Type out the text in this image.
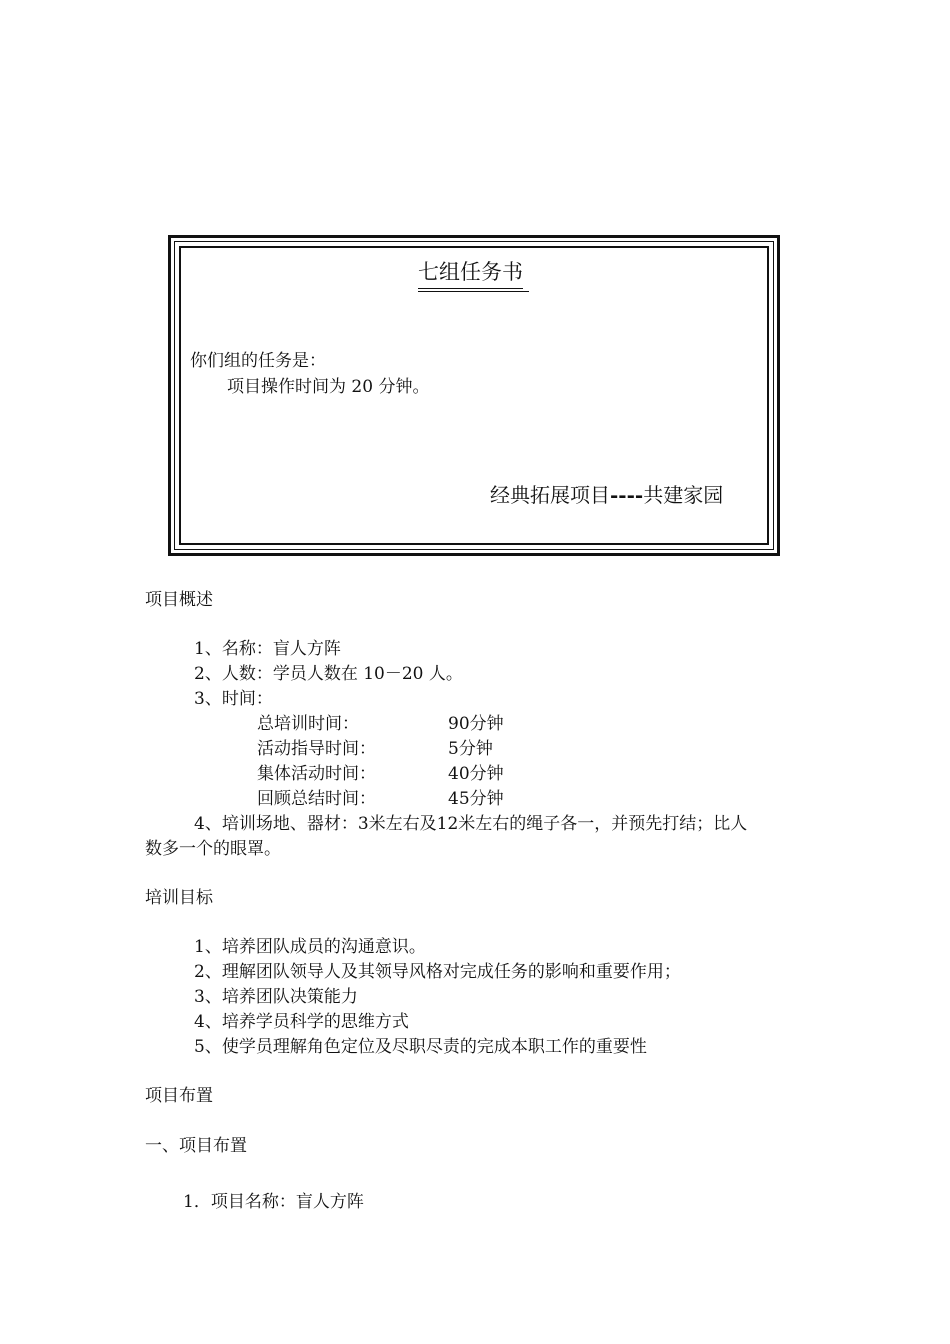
七组任务书
你们组的任务是：
项目操作时间为 20 分钟。
经典拓展项目----共建家园
项目概述
1、名称：盲人方阵
2、人数：学员人数在 10－20 人。
3、时间：
总培训时间：	90分钟
活动指导时间：	5分钟
集体活动时间：	40分钟
回顾总结时间：	45分钟
4、培训场地、器材：3米左右及12米左右的绳子各一，并预先打结；比人
数多一个的眼罩。
培训目标
1、培养团队成员的沟通意识。
2、理解团队领导人及其领导风格对完成任务的影响和重要作用；
3、培养团队决策能力
4、培养学员科学的思维方式
5、使学员理解角色定位及尽职尽责的完成本职工作的重要性
项目布置
一、项目布置
1．项目名称：盲人方阵
